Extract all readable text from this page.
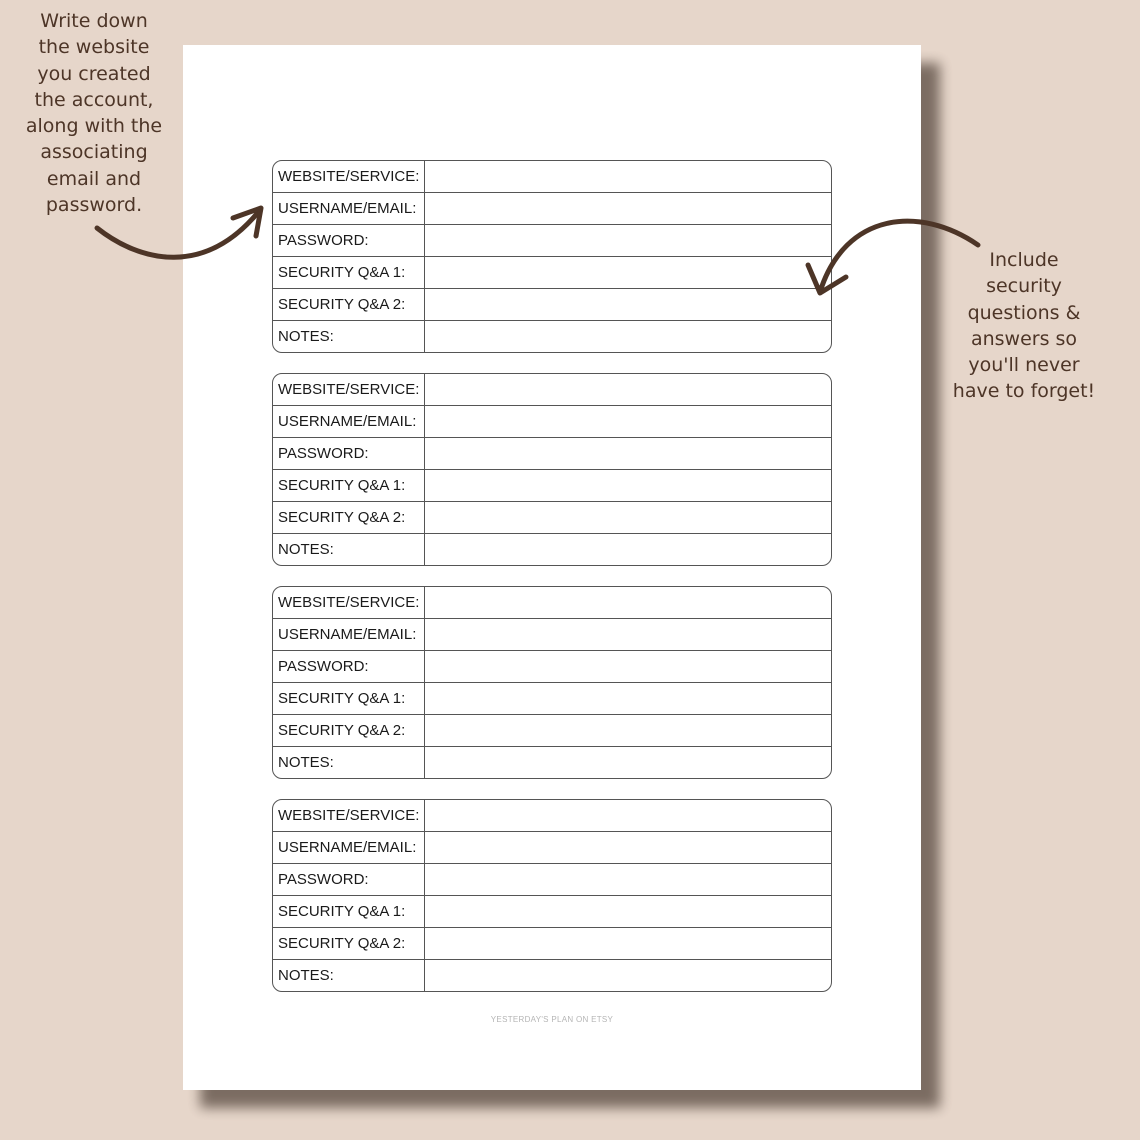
Write down
the website
you created
the account,
along with the
associating
email and
password.
Include
security
questions &
answers so
you'll never
have to forget!
WEBSITE/SERVICE:
USERNAME/EMAIL:
PASSWORD:
SECURITY Q&A 1:
SECURITY Q&A 2:
NOTES:
WEBSITE/SERVICE:
USERNAME/EMAIL:
PASSWORD:
SECURITY Q&A 1:
SECURITY Q&A 2:
NOTES:
WEBSITE/SERVICE:
USERNAME/EMAIL:
PASSWORD:
SECURITY Q&A 1:
SECURITY Q&A 2:
NOTES:
WEBSITE/SERVICE:
USERNAME/EMAIL:
PASSWORD:
SECURITY Q&A 1:
SECURITY Q&A 2:
NOTES:
YESTERDAY'S PLAN ON ETSY
